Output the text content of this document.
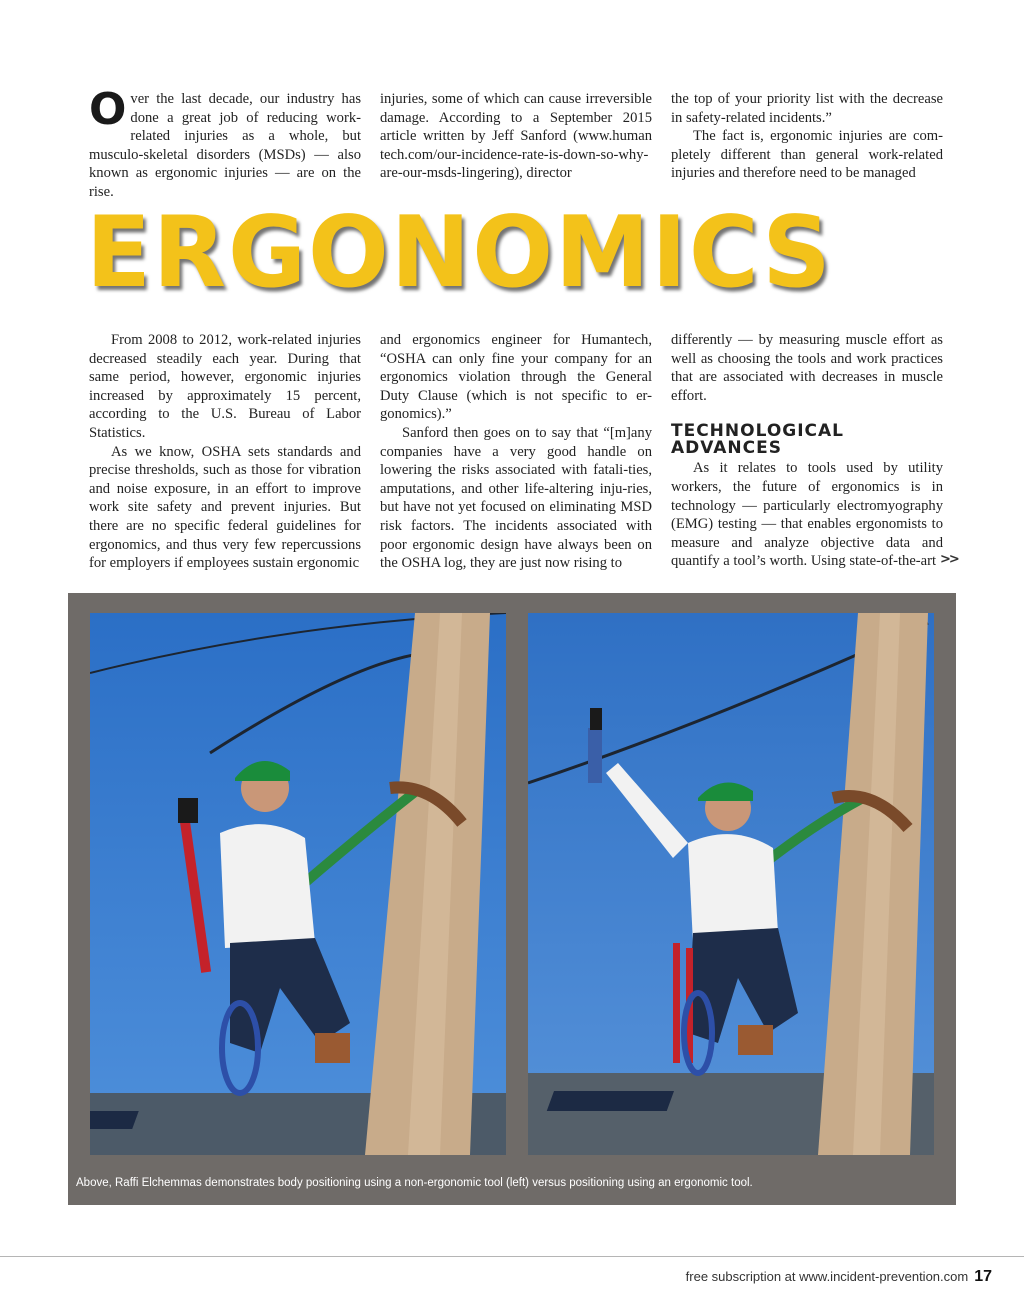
Over the last decade, our industry has done a great job of reducing work-related injuries as a whole, but musculo-skeletal disorders (MSDs) — also known as ergonomic injuries — are on the rise.

injuries, some of which can cause irreversible damage. According to a September 2015 article written by Jeff Sanford (www.human tech.com/our-incidence-rate-is-down-so-why-are-our-msds-lingering), director

the top of your priority list with the decrease in safety-related incidents.”

The fact is, ergonomic injuries are com-pletely different than general work-related injuries and therefore need to be managed

ERGONOMICS

From 2008 to 2012, work-related injuries decreased steadily each year. During that same period, however, ergonomic injuries increased by approximately 15 percent, according to the U.S. Bureau of Labor Statistics.

As we know, OSHA sets standards and precise thresholds, such as those for vibration and noise exposure, in an effort to improve work site safety and prevent injuries. But there are no specific federal guidelines for ergonomics, and thus very few repercussions for employers if employees sustain ergonomic

and ergonomics engineer for Humantech, “OSHA can only fine your company for an ergonomics violation through the General Duty Clause (which is not specific to er-gonomics).”

Sanford then goes on to say that “[m]any companies have a very good handle on lowering the risks associated with fatali-ties, amputations, and other life-altering inju-ries, but have not yet focused on eliminating MSD risk factors. The incidents associated with poor ergonomic design have always been on the OSHA log, they are just now rising to

differently — by measuring muscle effort as well as choosing the tools and work practices that are associated with decreases in muscle effort.

TECHNOLOGICAL
ADVANCES

As it relates to tools used by utility workers, the future of ergonomics is in technology — particularly electromyography (EMG) testing — that enables ergonomists to measure and analyze objective data and quantify a tool’s worth. Using state-of-the-art >>
Above, Raffi Elchemmas demonstrates body positioning using a non-ergonomic tool (left) versus positioning using an ergonomic tool.
free subscription at www.incident-prevention.com 17
